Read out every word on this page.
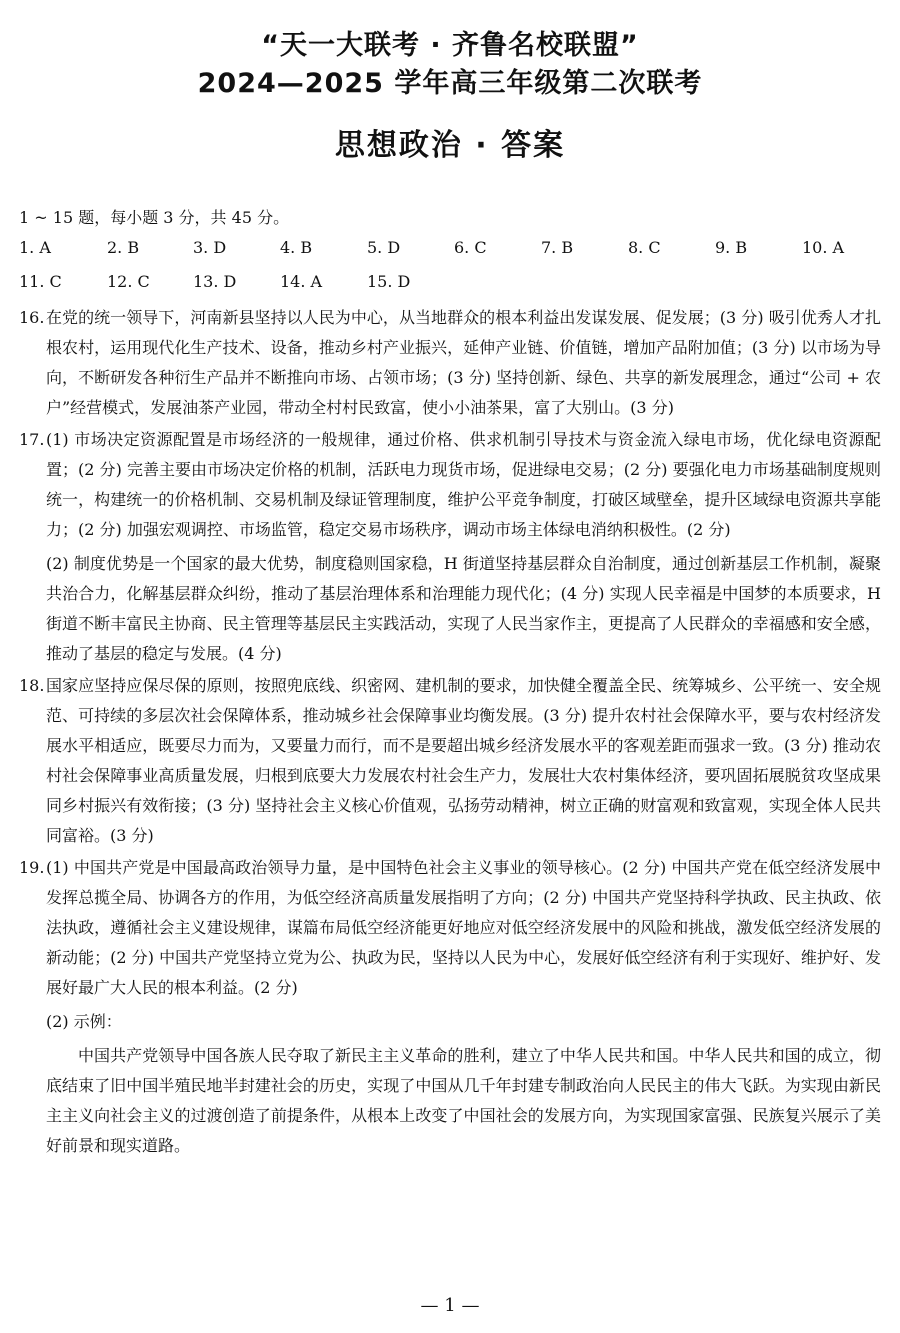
“天一大联考 · 齐鲁名校联盟”
2024—2025 学年高三年级第二次联考
思想政治 · 答案
1 ~ 15 题，每小题 3 分，共 45 分。
1. A	2. B	3. D	4. B	5. D	6. C	7. B	8. C	9. B	10. A
11. C	12. C	13. D	14. A	15. D
16. 在党的统一领导下，河南新县坚持以人民为中心，从当地群众的根本利益出发谋发展、促发展；(3 分) 吸引优秀人才扎根农村，运用现代化生产技术、设备，推动乡村产业振兴，延伸产业链、价值链，增加产品附加值；(3 分) 以市场为导向，不断研发各种衍生产品并不断推向市场、占领市场；(3 分) 坚持创新、绿色、共享的新发展理念，通过“公司 + 农户”经营模式，发展油茶产业园，带动全村村民致富，使小小油茶果，富了大别山。(3 分)

17. (1) 市场决定资源配置是市场经济的一般规律，通过价格、供求机制引导技术与资金流入绿电市场，优化绿电资源配置；(2 分) 完善主要由市场决定价格的机制，活跃电力现货市场，促进绿电交易；(2 分) 要强化电力市场基础制度规则统一，构建统一的价格机制、交易机制及绿证管理制度，维护公平竞争制度，打破区域壁垒，提升区域绿电资源共享能力；(2 分) 加强宏观调控、市场监管，稳定交易市场秩序，调动市场主体绿电消纳积极性。(2 分)

(2) 制度优势是一个国家的最大优势，制度稳则国家稳，H 街道坚持基层群众自治制度，通过创新基层工作机制，凝聚共治合力，化解基层群众纠纷，推动了基层治理体系和治理能力现代化；(4 分) 实现人民幸福是中国梦的本质要求，H 街道不断丰富民主协商、民主管理等基层民主实践活动，实现了人民当家作主，更提高了人民群众的幸福感和安全感，推动了基层的稳定与发展。(4 分)

18. 国家应坚持应保尽保的原则，按照兜底线、织密网、建机制的要求，加快健全覆盖全民、统筹城乡、公平统一、安全规范、可持续的多层次社会保障体系，推动城乡社会保障事业均衡发展。(3 分) 提升农村社会保障水平，要与农村经济发展水平相适应，既要尽力而为，又要量力而行，而不是要超出城乡经济发展水平的客观差距而强求一致。(3 分) 推动农村社会保障事业高质量发展，归根到底要大力发展农村社会生产力，发展壮大农村集体经济，要巩固拓展脱贫攻坚成果同乡村振兴有效衔接；(3 分) 坚持社会主义核心价值观，弘扬劳动精神，树立正确的财富观和致富观，实现全体人民共同富裕。(3 分)

19. (1) 中国共产党是中国最高政治领导力量，是中国特色社会主义事业的领导核心。(2 分) 中国共产党在低空经济发展中发挥总揽全局、协调各方的作用，为低空经济高质量发展指明了方向；(2 分) 中国共产党坚持科学执政、民主执政、依法执政，遵循社会主义建设规律，谋篇布局低空经济能更好地应对低空经济发展中的风险和挑战，激发低空经济发展的新动能；(2 分) 中国共产党坚持立党为公、执政为民，坚持以人民为中心，发展好低空经济有利于实现好、维护好、发展好最广大人民的根本利益。(2 分)

(2) 示例：

中国共产党领导中国各族人民夺取了新民主主义革命的胜利，建立了中华人民共和国。中华人民共和国的成立，彻底结束了旧中国半殖民地半封建社会的历史，实现了中国从几千年封建专制政治向人民民主的伟大飞跃。为实现由新民主主义向社会主义的过渡创造了前提条件，从根本上改变了中国社会的发展方向，为实现国家富强、民族复兴展示了美好前景和现实道路。

— 1 —
